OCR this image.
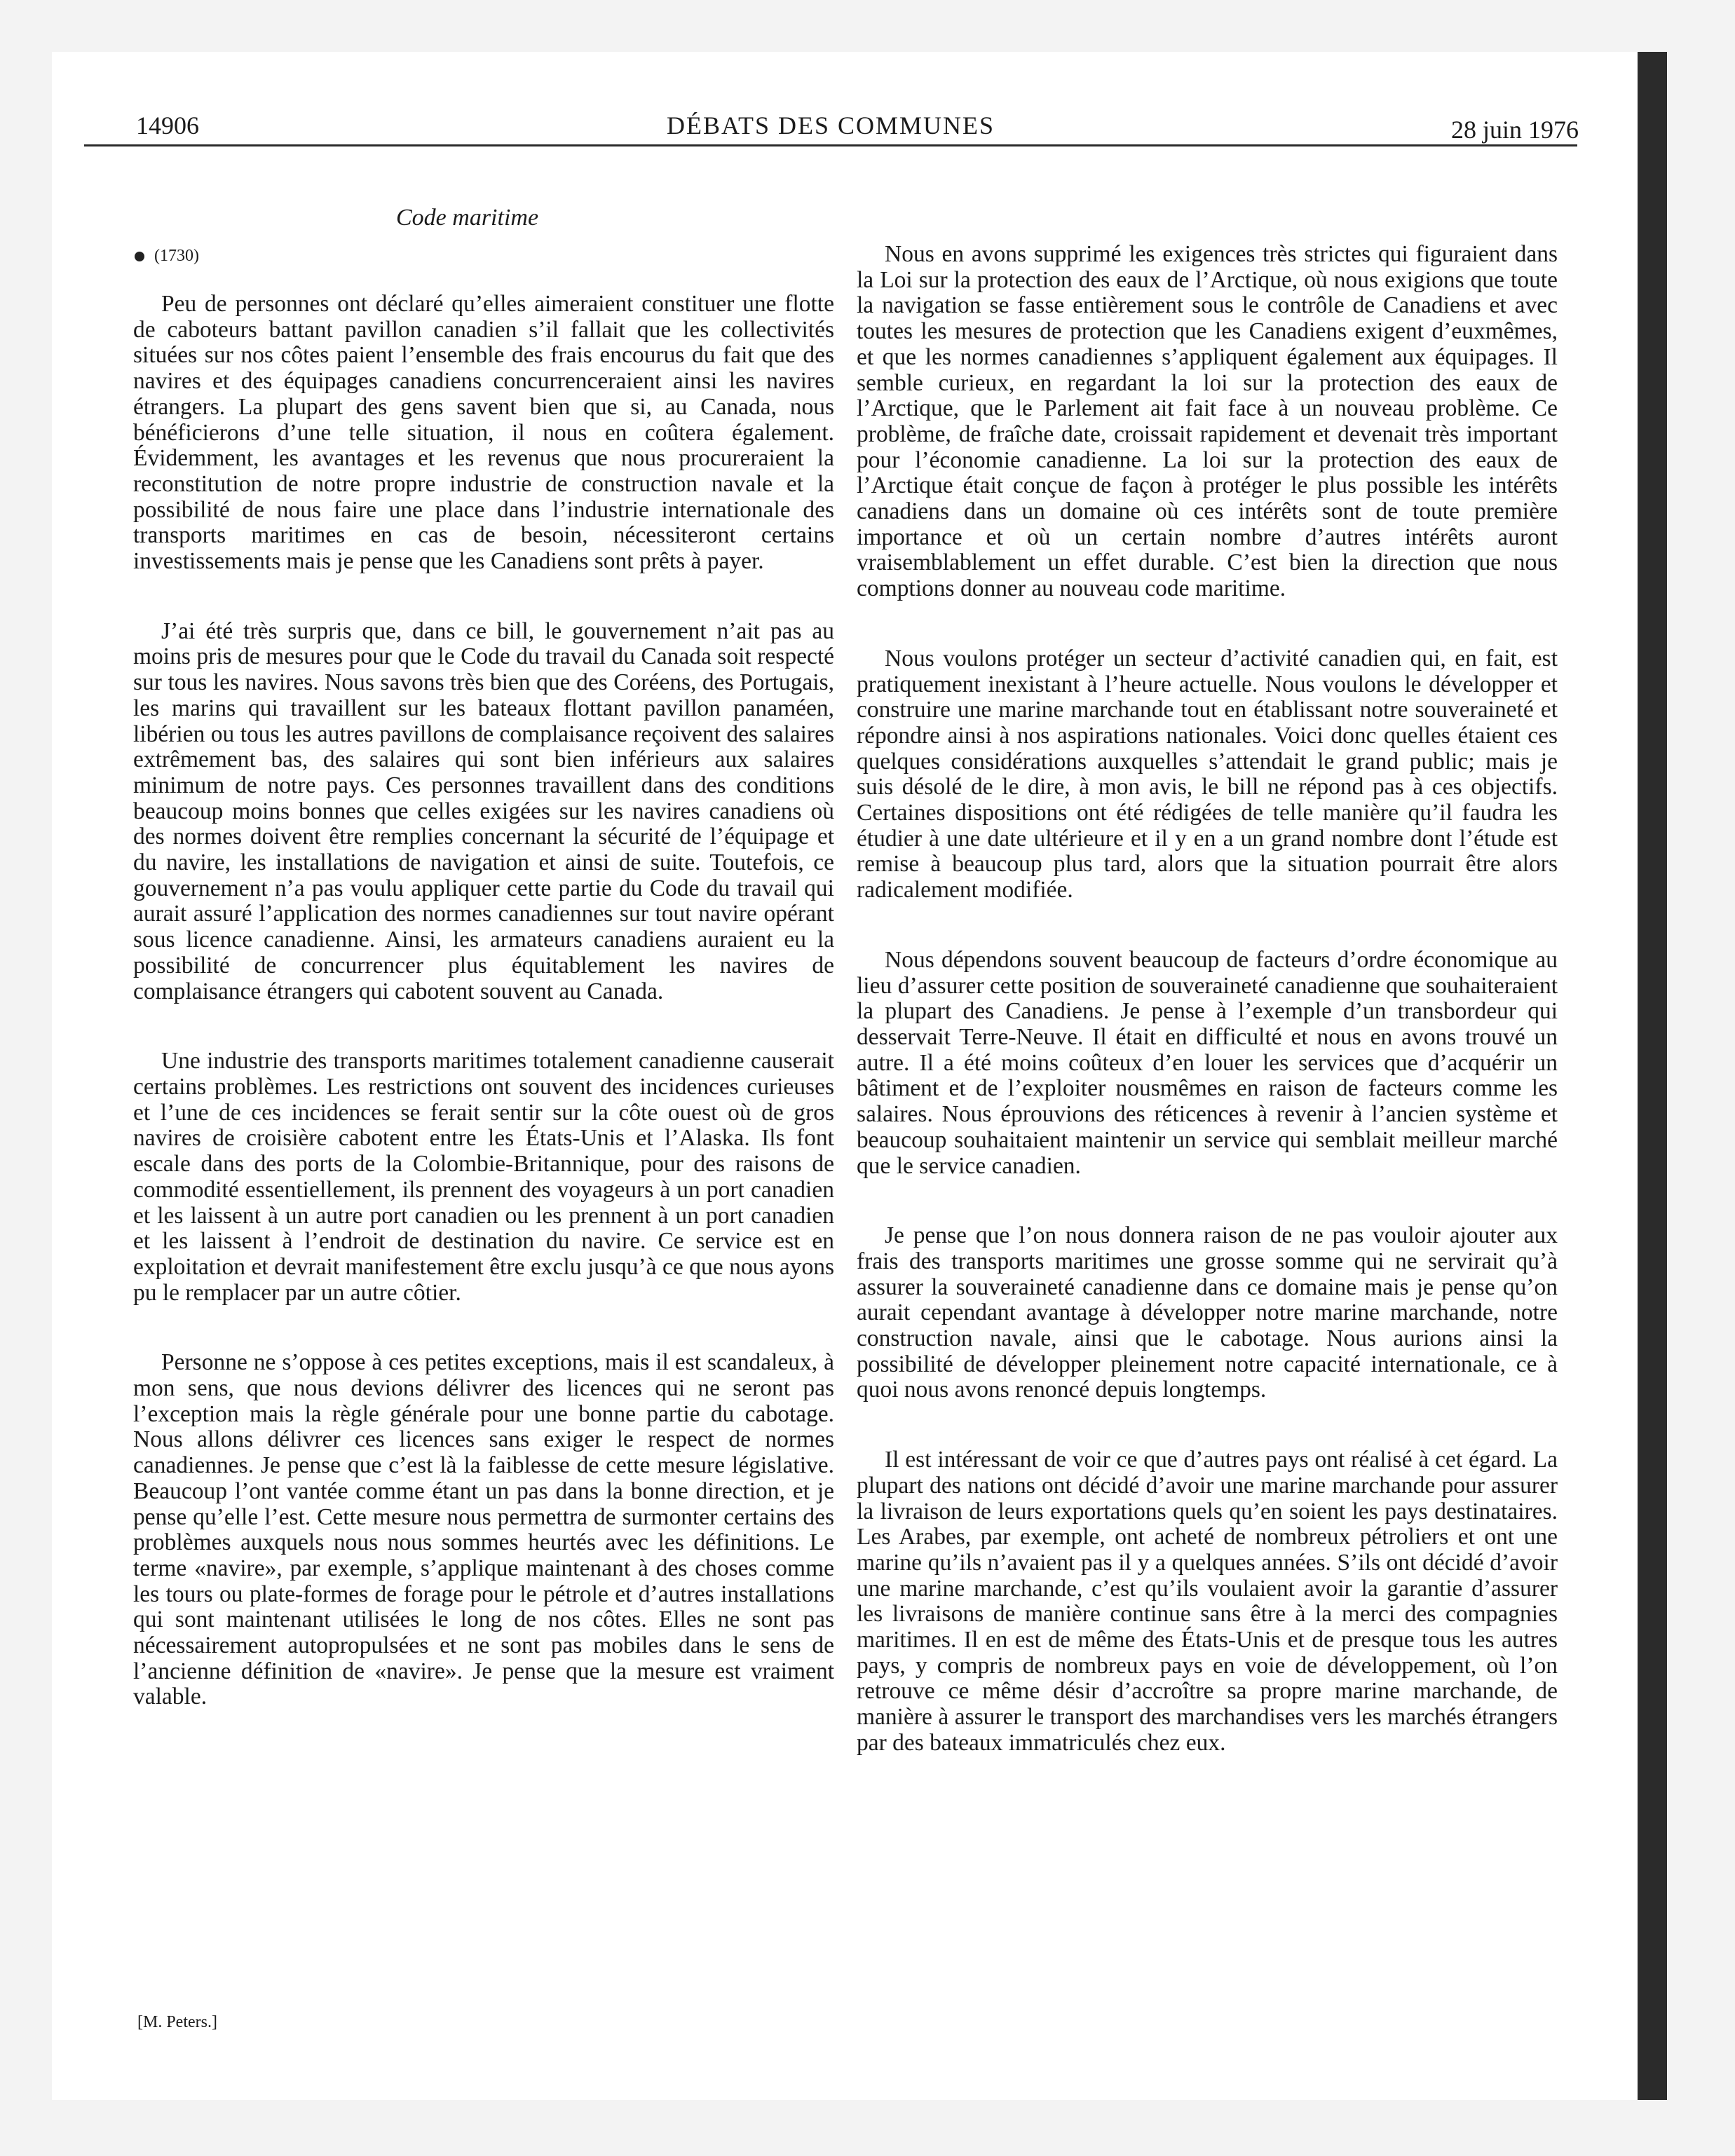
14906	DÉBATS DES COMMUNES	28 juin 1976
Code maritime
(1730)

Peu de personnes ont déclaré qu’elles aimeraient constituer une flotte de caboteurs battant pavillon canadien s’il fallait que les collectivités situées sur nos côtes paient l’ensemble des frais encourus du fait que des navires et des équipages canadiens concurrenceraient ainsi les navires étrangers. La plupart des gens savent bien que si, au Canada, nous bénéficierons d’une telle situation, il nous en coûtera également. Évidemment, les avantages et les revenus que nous procureraient la reconstitution de notre propre industrie de construction navale et la possibilité de nous faire une place dans l’industrie internationale des transports maritimes en cas de besoin, nécessiteront certains investissements mais je pense que les Canadiens sont prêts à payer.

J’ai été très surpris que, dans ce bill, le gouvernement n’ait pas au moins pris de mesures pour que le Code du travail du Canada soit respecté sur tous les navires. Nous savons très bien que des Coréens, des Portugais, les marins qui travaillent sur les bateaux flottant pavillon panaméen, libérien ou tous les autres pavillons de complaisance reçoivent des salaires extrêmement bas, des salaires qui sont bien inférieurs aux salaires minimum de notre pays. Ces personnes travaillent dans des conditions beaucoup moins bonnes que celles exigées sur les navires canadiens où des normes doivent être remplies concernant la sécurité de l’équipage et du navire, les installations de navigation et ainsi de suite. Toutefois, ce gouvernement n’a pas voulu appliquer cette partie du Code du travail qui aurait assuré l’application des normes canadiennes sur tout navire opérant sous licence canadienne. Ainsi, les armateurs canadiens auraient eu la possibilité de concurrencer plus équitablement les navires de complaisance étrangers qui cabotent souvent au Canada.

Une industrie des transports maritimes totalement canadienne causerait certains problèmes. Les restrictions ont souvent des incidences curieuses et l’une de ces incidences se ferait sentir sur la côte ouest où de gros navires de croisière cabotent entre les États-Unis et l’Alaska. Ils font escale dans des ports de la Colombie-Britannique, pour des raisons de commodité essentiellement, ils prennent des voyageurs à un port canadien et les laissent à un autre port canadien ou les prennent à un port canadien et les laissent à l’endroit de destination du navire. Ce service est en exploitation et devrait manifestement être exclu jusqu’à ce que nous ayons pu le remplacer par un autre côtier.

Personne ne s’oppose à ces petites exceptions, mais il est scandaleux, à mon sens, que nous devions délivrer des licences qui ne seront pas l’exception mais la règle générale pour une bonne partie du cabotage. Nous allons délivrer ces licences sans exiger le respect de normes canadiennes. Je pense que c’est là la faiblesse de cette mesure législative. Beaucoup l’ont vantée comme étant un pas dans la bonne direction, et je pense qu’elle l’est. Cette mesure nous permettra de surmonter certains des problèmes auxquels nous nous sommes heurtés avec les définitions. Le terme «navire», par exemple, s’applique maintenant à des choses comme les tours ou plate-formes de forage pour le pétrole et d’autres installations qui sont maintenant utilisées le long de nos côtes. Elles ne sont pas nécessairement autopropulsées et ne sont pas mobiles dans le sens de l’ancienne définition de «navire». Je pense que la mesure est vraiment valable.

[M. Peters.]

Nous en avons supprimé les exigences très strictes qui figuraient dans la Loi sur la protection des eaux de l’Arctique, où nous exigions que toute la navigation se fasse entièrement sous le contrôle de Canadiens et avec toutes les mesures de protection que les Canadiens exigent d’euxmêmes, et que les normes canadiennes s’appliquent également aux équipages. Il semble curieux, en regardant la loi sur la protection des eaux de l’Arctique, que le Parlement ait fait face à un nouveau problème. Ce problème, de fraîche date, croissait rapidement et devenait très important pour l’économie canadienne. La loi sur la protection des eaux de l’Arctique était conçue de façon à protéger le plus possible les intérêts canadiens dans un domaine où ces intérêts sont de toute première importance et où un certain nombre d’autres intérêts auront vraisemblablement un effet durable. C’est bien la direction que nous comptions donner au nouveau code maritime.

Nous voulons protéger un secteur d’activité canadien qui, en fait, est pratiquement inexistant à l’heure actuelle. Nous voulons le développer et construire une marine marchande tout en établissant notre souveraineté et répondre ainsi à nos aspirations nationales. Voici donc quelles étaient ces quelques considérations auxquelles s’attendait le grand public; mais je suis désolé de le dire, à mon avis, le bill ne répond pas à ces objectifs. Certaines dispositions ont été rédigées de telle manière qu’il faudra les étudier à une date ultérieure et il y en a un grand nombre dont l’étude est remise à beaucoup plus tard, alors que la situation pourrait être alors radicalement modifiée.

Nous dépendons souvent beaucoup de facteurs d’ordre économique au lieu d’assurer cette position de souveraineté canadienne que souhaiteraient la plupart des Canadiens. Je pense à l’exemple d’un transbordeur qui desservait Terre-Neuve. Il était en difficulté et nous en avons trouvé un autre. Il a été moins coûteux d’en louer les services que d’acquérir un bâtiment et de l’exploiter nousmêmes en raison de facteurs comme les salaires. Nous éprouvions des réticences à revenir à l’ancien système et beaucoup souhaitaient maintenir un service qui semblait meilleur marché que le service canadien.

Je pense que l’on nous donnera raison de ne pas vouloir ajouter aux frais des transports maritimes une grosse somme qui ne servirait qu’à assurer la souveraineté canadienne dans ce domaine mais je pense qu’on aurait cependant avantage à développer notre marine marchande, notre construction navale, ainsi que le cabotage. Nous aurions ainsi la possibilité de développer pleinement notre capacité internationale, ce à quoi nous avons renoncé depuis longtemps.

Il est intéressant de voir ce que d’autres pays ont réalisé à cet égard. La plupart des nations ont décidé d’avoir une marine marchande pour assurer la livraison de leurs exportations quels qu’en soient les pays destinataires. Les Arabes, par exemple, ont acheté de nombreux pétroliers et ont une marine qu’ils n’avaient pas il y a quelques années. S’ils ont décidé d’avoir une marine marchande, c’est qu’ils voulaient avoir la garantie d’assurer les livraisons de manière continue sans être à la merci des compagnies maritimes. Il en est de même des États-Unis et de presque tous les autres pays, y compris de nombreux pays en voie de développement, où l’on retrouve ce même désir d’accroître sa propre marine marchande, de manière à assurer le transport des marchandises vers les marchés étrangers par des bateaux immatriculés chez eux.
